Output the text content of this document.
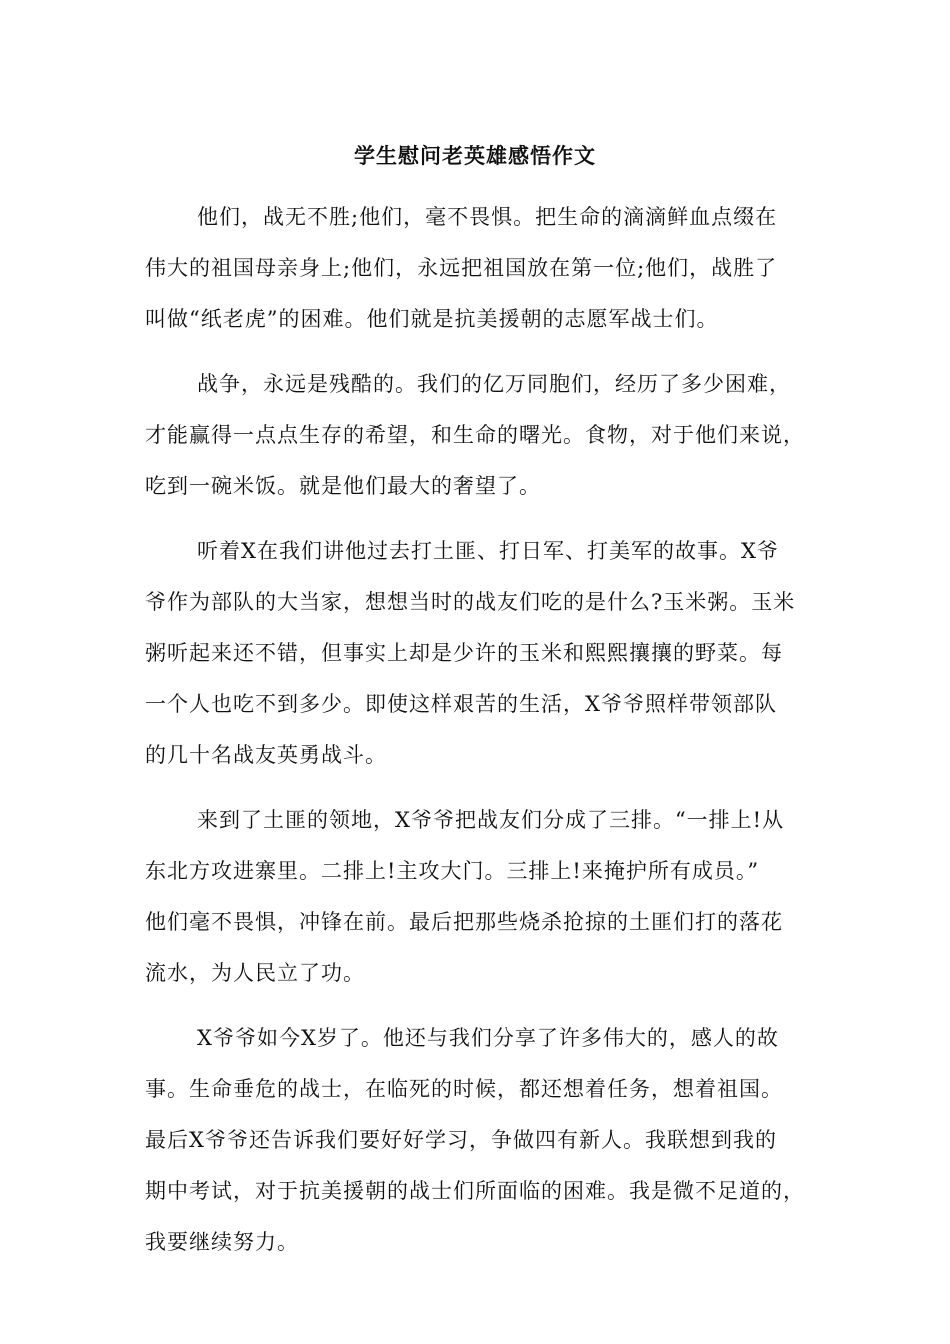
学生慰问老英雄感悟作文

他们，战无不胜;他们，毫不畏惧。把生命的滴滴鲜血点缀在
伟大的祖国母亲身上;他们，永远把祖国放在第一位;他们，战胜了
叫做“纸老虎”的困难。他们就是抗美援朝的志愿军战士们。

战争，永远是残酷的。我们的亿万同胞们，经历了多少困难，
才能赢得一点点生存的希望，和生命的曙光。食物，对于他们来说，
吃到一碗米饭。就是他们最大的奢望了。

听着X在我们讲他过去打土匪、打日军、打美军的故事。X爷
爷作为部队的大当家，想想当时的战友们吃的是什么?玉米粥。玉米
粥听起来还不错，但事实上却是少许的玉米和熙熙攘攘的野菜。每
一个人也吃不到多少。即使这样艰苦的生活，X爷爷照样带领部队
的几十名战友英勇战斗。

来到了土匪的领地，X爷爷把战友们分成了三排。“一排上!从
东北方攻进寨里。二排上!主攻大门。三排上!来掩护所有成员。”
他们毫不畏惧，冲锋在前。最后把那些烧杀抢掠的土匪们打的落花
流水，为人民立了功。

X爷爷如今X岁了。他还与我们分享了许多伟大的，感人的故
事。生命垂危的战士，在临死的时候，都还想着任务，想着祖国。
最后X爷爷还告诉我们要好好学习，争做四有新人。我联想到我的
期中考试，对于抗美援朝的战士们所面临的困难。我是微不足道的，
我要继续努力。
